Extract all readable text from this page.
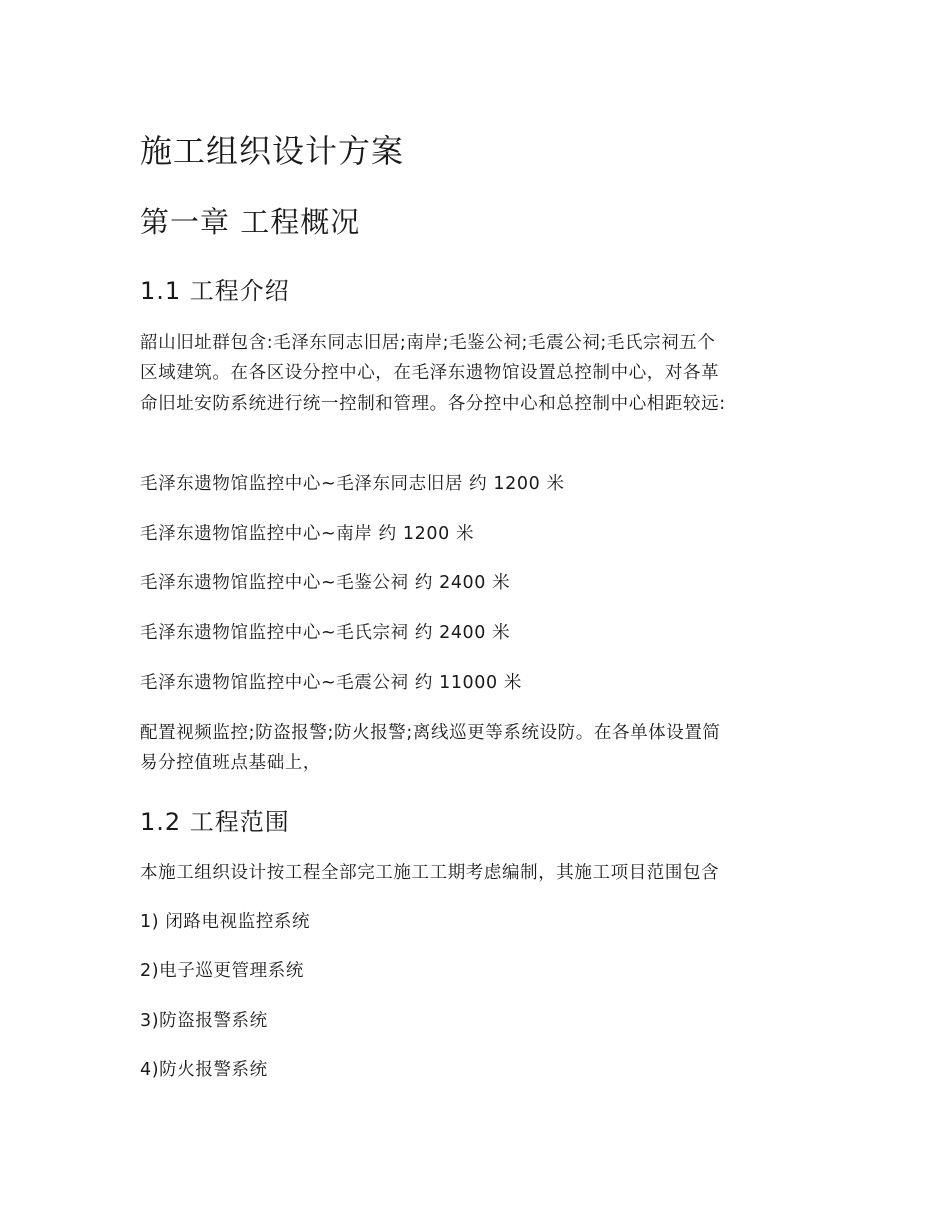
施工组织设计方案
第一章 工程概况
1.1 工程介绍

韶山旧址群包含:毛泽东同志旧居;南岸;毛鉴公祠;毛震公祠;毛氏宗祠五个

区域建筑。在各区设分控中心，在毛泽东遗物馆设置总控制中心，对各革

命旧址安防系统进行统一控制和管理。各分控中心和总控制中心相距较远:

毛泽东遗物馆监控中心~毛泽东同志旧居 约 1200 米

毛泽东遗物馆监控中心~南岸 约 1200 米

毛泽东遗物馆监控中心~毛鉴公祠 约 2400 米

毛泽东遗物馆监控中心~毛氏宗祠 约 2400 米

毛泽东遗物馆监控中心~毛震公祠 约 11000 米

配置视频监控;防盗报警;防火报警;离线巡更等系统设防。在各单体设置简

易分控值班点基础上，

1.2 工程范围

本施工组织设计按工程全部完工施工工期考虑编制，其施工项目范围包含

1) 闭路电视监控系统

2)电子巡更管理系统

3)防盗报警系统

4)防火报警系统
